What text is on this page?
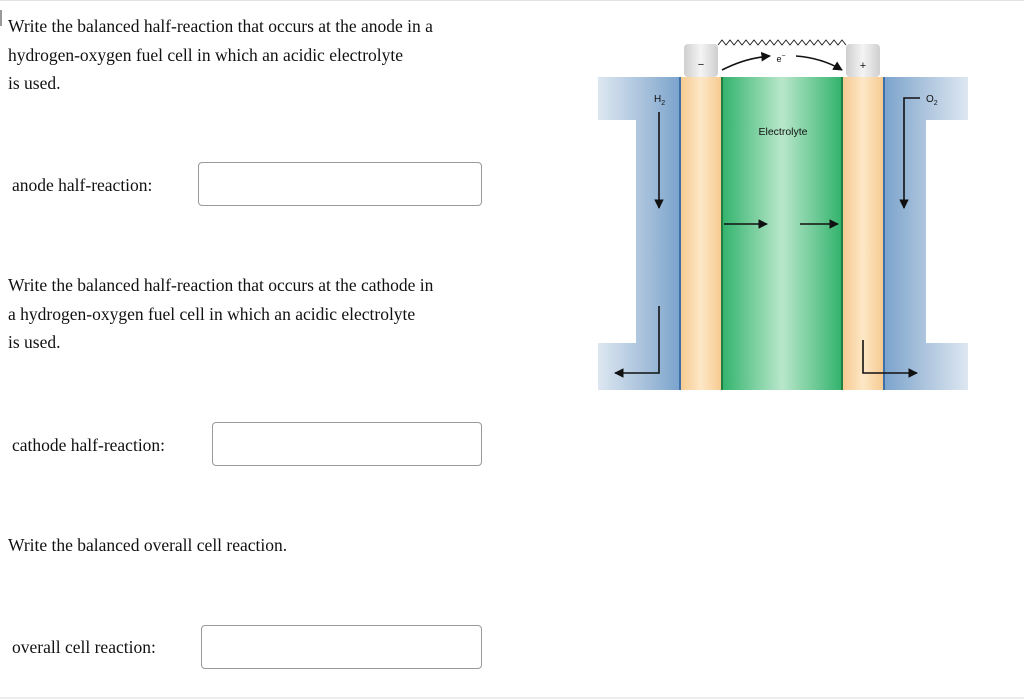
Write the balanced half-reaction that occurs at the anode in a
hydrogen-oxygen fuel cell in which an acidic electrolyte
is used.

anode half-reaction:

Write the balanced half-reaction that occurs at the cathode in
a hydrogen-oxygen fuel cell in which an acidic electrolyte
is used.

cathode half-reaction:

Write the balanced overall cell reaction.

overall cell reaction:
−	+
e−
$H_2$	$O_2$
Electrolyte
